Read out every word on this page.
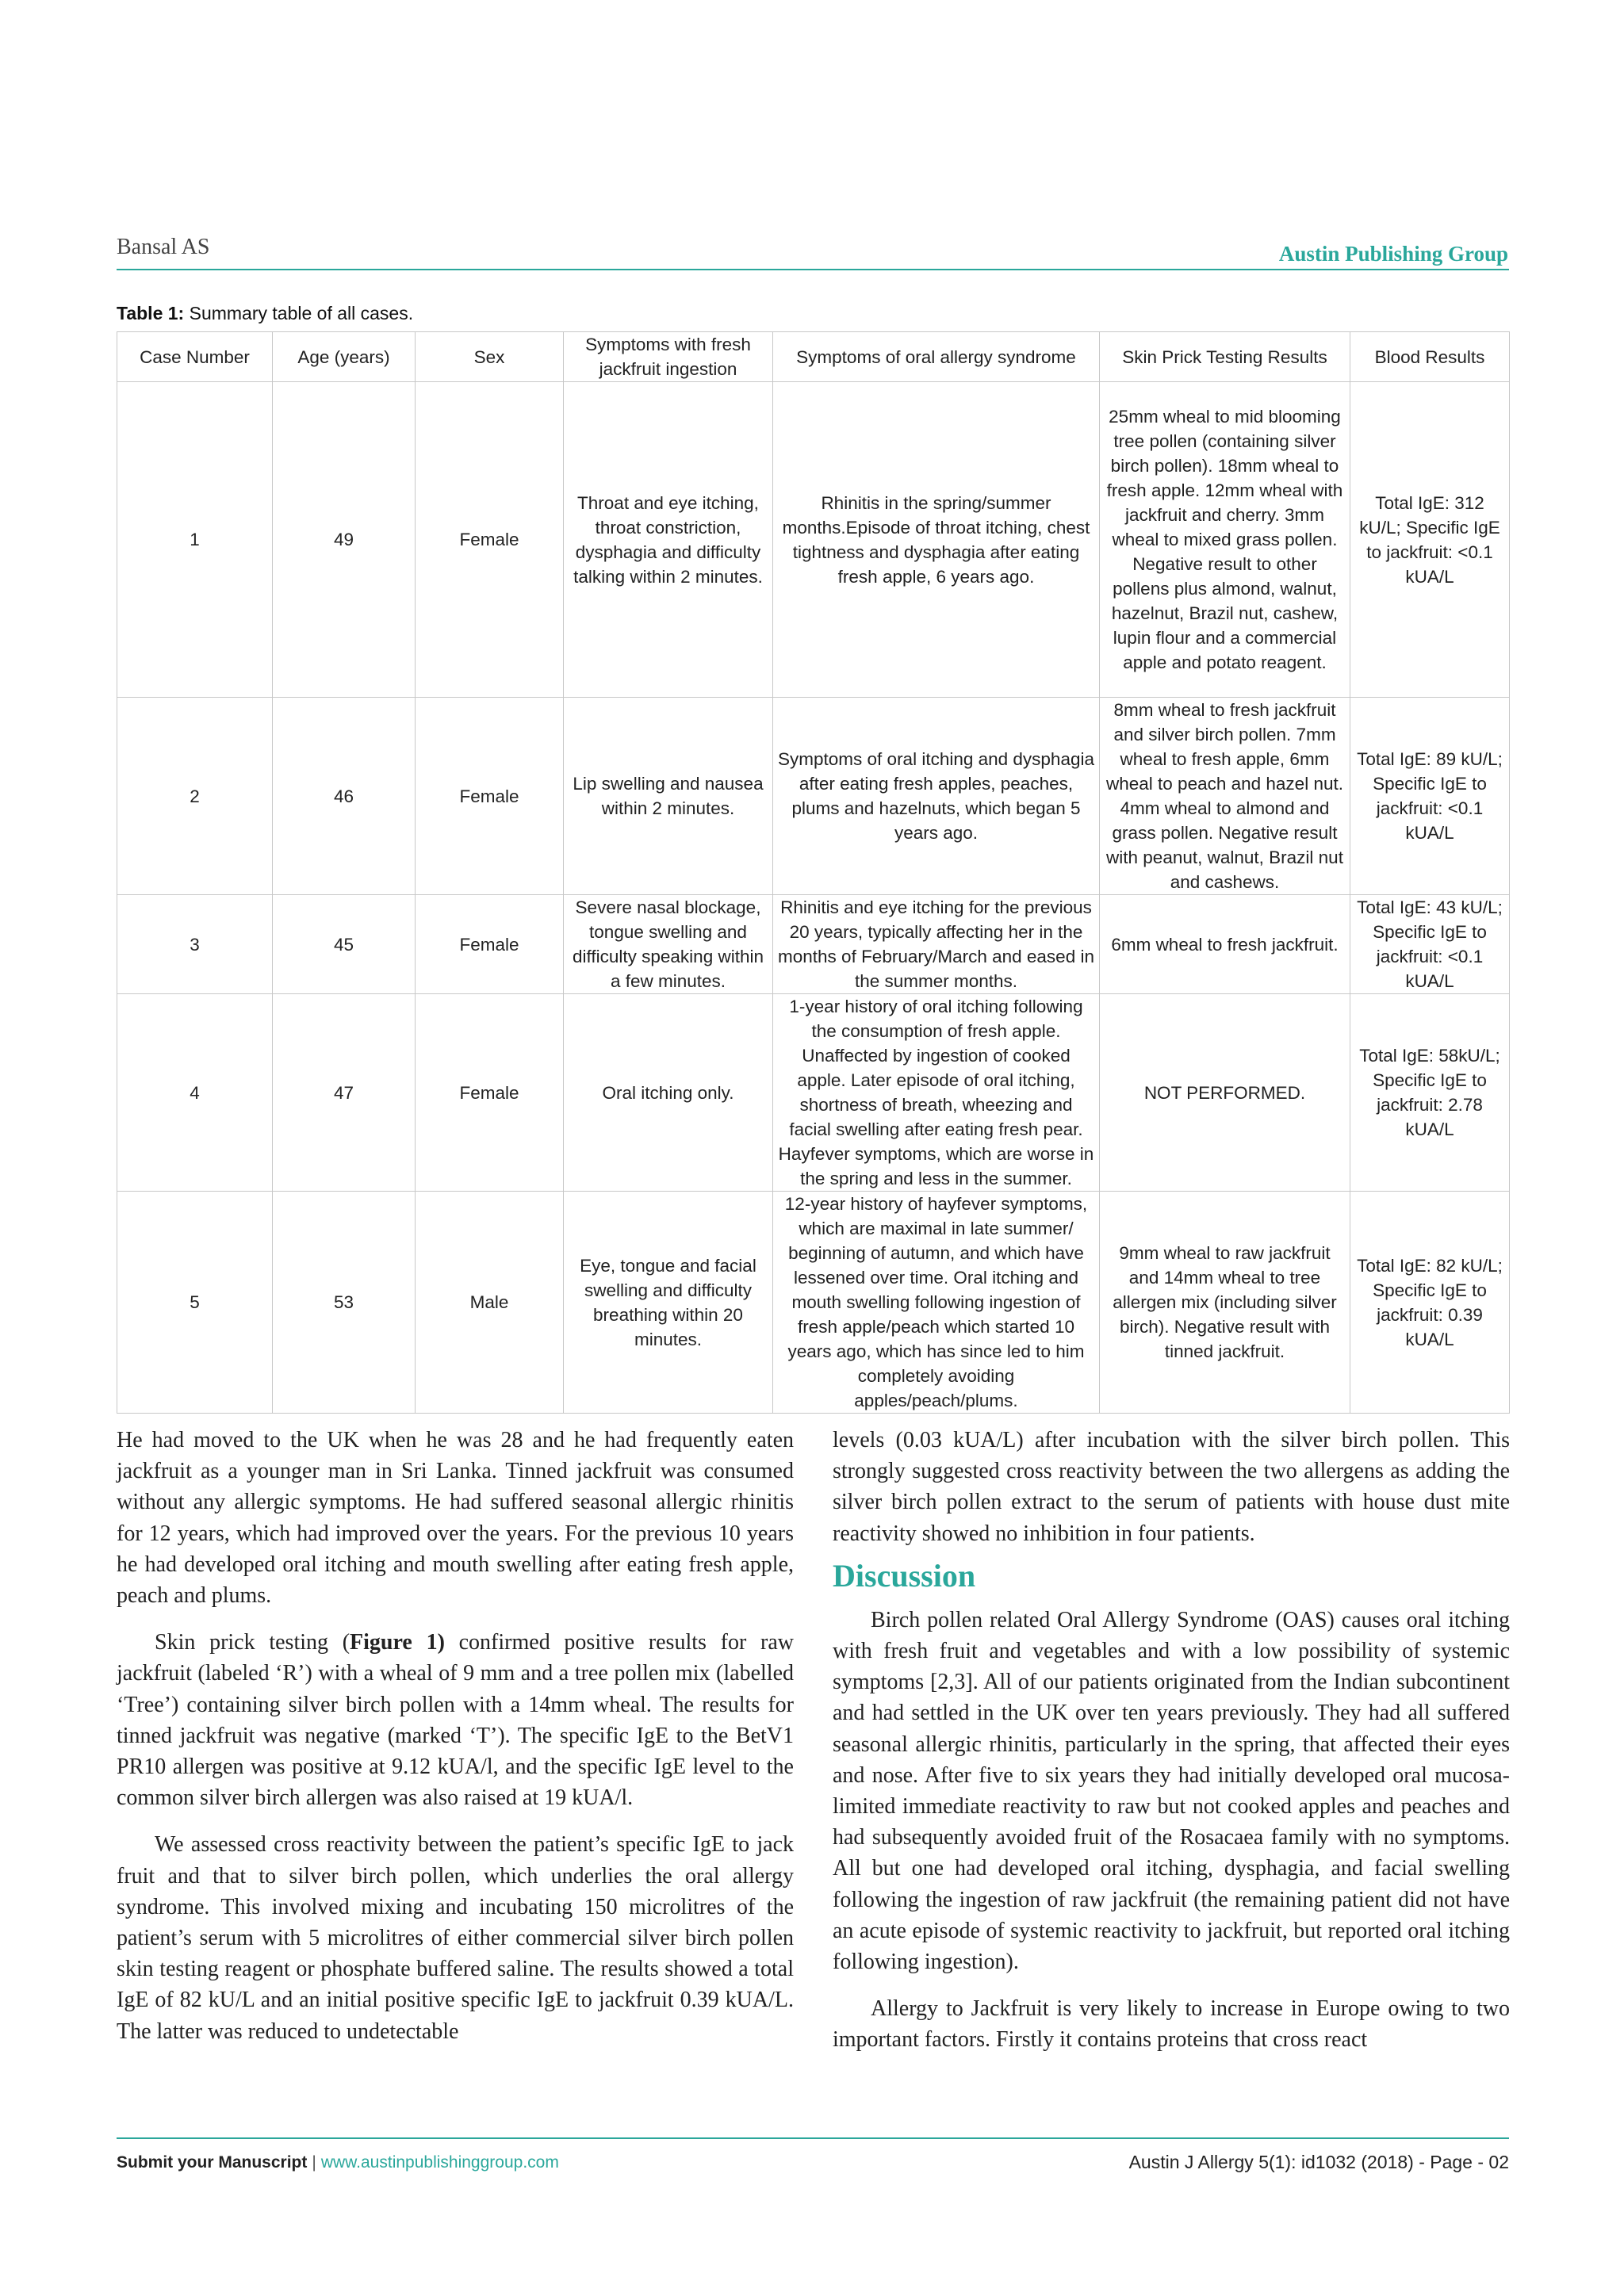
Bansal AS	Austin Publishing Group
Table 1: Summary table of all cases.
Case Number	Age (years)	Sex	Symptoms with fresh jackfruit ingestion	Symptoms of oral allergy syndrome	Skin Prick Testing Results	Blood Results
1	49	Female	Throat and eye itching, throat constriction, dysphagia and difficulty talking within 2 minutes.	Rhinitis in the spring/summer months.Episode of throat itching, chest tightness and dysphagia after eating fresh apple, 6 years ago.	25mm wheal to mid blooming tree pollen (containing silver birch pollen). 18mm wheal to fresh apple. 12mm wheal with jackfruit and cherry. 3mm wheal to mixed grass pollen. Negative result to other pollens plus almond, walnut, hazelnut, Brazil nut, cashew, lupin flour and a commercial apple and potato reagent.	Total IgE: 312 kU/L; Specific IgE to jackfruit: <0.1 kUA/L
2	46	Female	Lip swelling and nausea within 2 minutes.	Symptoms of oral itching and dysphagia after eating fresh apples, peaches, plums and hazelnuts, which began 5 years ago.	8mm wheal to fresh jackfruit and silver birch pollen. 7mm wheal to fresh apple, 6mm wheal to peach and hazel nut. 4mm wheal to almond and grass pollen. Negative result with peanut, walnut, Brazil nut and cashews.	Total IgE: 89 kU/L; Specific IgE to jackfruit: <0.1 kUA/L
3	45	Female	Severe nasal blockage, tongue swelling and difficulty speaking within a few minutes.	Rhinitis and eye itching for the previous 20 years, typically affecting her in the months of February/March and eased in the summer months.	6mm wheal to fresh jackfruit.	Total IgE: 43 kU/L; Specific IgE to jackfruit: <0.1 kUA/L
4	47	Female	Oral itching only.	1-year history of oral itching following the consumption of fresh apple. Unaffected by ingestion of cooked apple. Later episode of oral itching, shortness of breath, wheezing and facial swelling after eating fresh pear. Hayfever symptoms, which are worse in the spring and less in the summer.	NOT PERFORMED.	Total IgE: 58kU/L; Specific IgE to jackfruit: 2.78 kUA/L
5	53	Male	Eye, tongue and facial swelling and difficulty breathing within 20 minutes.	12-year history of hayfever symptoms, which are maximal in late summer/ beginning of autumn, and which have lessened over time. Oral itching and mouth swelling following ingestion of fresh apple/peach which started 10 years ago, which has since led to him completely avoiding apples/peach/plums.	9mm wheal to raw jackfruit and 14mm wheal to tree allergen mix (including silver birch). Negative result with tinned jackfruit.	Total IgE: 82 kU/L; Specific IgE to jackfruit: 0.39 kUA/L

He had moved to the UK when he was 28 and he had frequently eaten jackfruit as a younger man in Sri Lanka. Tinned jackfruit was consumed without any allergic symptoms. He had suffered seasonal allergic rhinitis for 12 years, which had improved over the years. For the previous 10 years he had developed oral itching and mouth swelling after eating fresh apple, peach and plums.

Skin prick testing (Figure 1) confirmed positive results for raw jackfruit (labeled ‘R’) with a wheal of 9 mm and a tree pollen mix (labelled ‘Tree’) containing silver birch pollen with a 14mm wheal. The results for tinned jackfruit was negative (marked ‘T’). The specific IgE to the BetV1 PR10 allergen was positive at 9.12 kUA/l, and the specific IgE level to the common silver birch allergen was also raised at 19 kUA/l.

We assessed cross reactivity between the patient’s specific IgE to jack fruit and that to silver birch pollen, which underlies the oral allergy syndrome. This involved mixing and incubating 150 microlitres of the patient’s serum with 5 microlitres of either commercial silver birch pollen skin testing reagent or phosphate buffered saline. The results showed a total IgE of 82 kU/L and an initial positive specific IgE to jackfruit 0.39 kUA/L. The latter was reduced to undetectable

levels (0.03 kUA/L) after incubation with the silver birch pollen. This strongly suggested cross reactivity between the two allergens as adding the silver birch pollen extract to the serum of patients with house dust mite reactivity showed no inhibition in four patients.

Discussion

Birch pollen related Oral Allergy Syndrome (OAS) causes oral itching with fresh fruit and vegetables and with a low possibility of systemic symptoms [2,3]. All of our patients originated from the Indian subcontinent and had settled in the UK over ten years previously. They had all suffered seasonal allergic rhinitis, particularly in the spring, that affected their eyes and nose. After five to six years they had initially developed oral mucosa-limited immediate reactivity to raw but not cooked apples and peaches and had subsequently avoided fruit of the Rosacaea family with no symptoms. All but one had developed oral itching, dysphagia, and facial swelling following the ingestion of raw jackfruit (the remaining patient did not have an acute episode of systemic reactivity to jackfruit, but reported oral itching following ingestion).

Allergy to Jackfruit is very likely to increase in Europe owing to two important factors. Firstly it contains proteins that cross react

Submit your Manuscript | www.austinpublishinggroup.com	Austin J Allergy 5(1): id1032 (2018) - Page - 02
